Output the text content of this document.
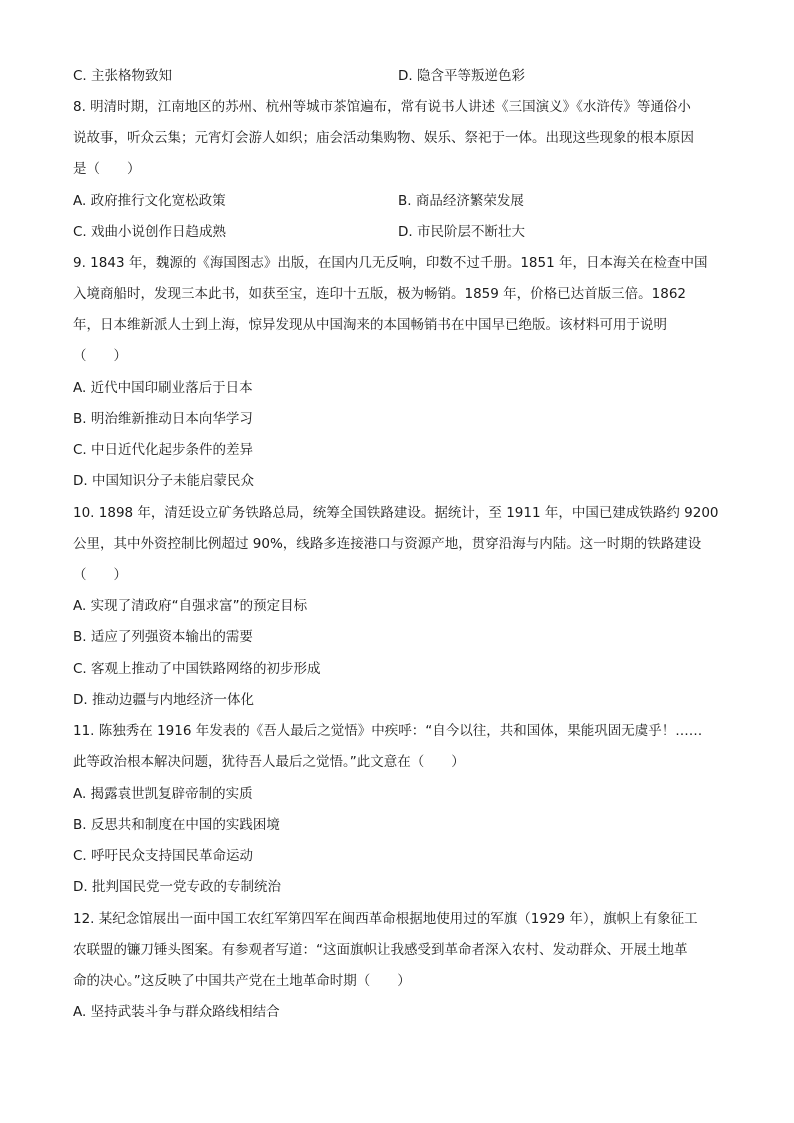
C. 主张格物致知	D. 隐含平等叛逆色彩
8. 明清时期，江南地区的苏州、杭州等城市茶馆遍布，常有说书人讲述《三国演义》《水浒传》等通俗小
说故事，听众云集；元宵灯会游人如织；庙会活动集购物、娱乐、祭祀于一体。出现这些现象的根本原因
是（　　）
A. 政府推行文化宽松政策	B. 商品经济繁荣发展
C. 戏曲小说创作日趋成熟	D. 市民阶层不断壮大
9. 1843 年，魏源的《海国图志》出版，在国内几无反响，印数不过千册。1851 年，日本海关在检查中国
入境商船时，发现三本此书，如获至宝，连印十五版，极为畅销。1859 年，价格已达首版三倍。1862
年，日本维新派人士到上海，惊异发现从中国淘来的本国畅销书在中国早已绝版。该材料可用于说明
（　　）
A. 近代中国印刷业落后于日本
B. 明治维新推动日本向华学习
C. 中日近代化起步条件的差异
D. 中国知识分子未能启蒙民众
10. 1898 年，清廷设立矿务铁路总局，统筹全国铁路建设。据统计，至 1911 年，中国已建成铁路约 9200
公里，其中外资控制比例超过 90%，线路多连接港口与资源产地，贯穿沿海与内陆。这一时期的铁路建设
（　　）
A. 实现了清政府“自强求富”的预定目标
B. 适应了列强资本输出的需要
C. 客观上推动了中国铁路网络的初步形成
D. 推动边疆与内地经济一体化
11. 陈独秀在 1916 年发表的《吾人最后之觉悟》中疾呼：“自今以往，共和国体，果能巩固无虞乎！……
此等政治根本解决问题，犹待吾人最后之觉悟。”此文意在（　　）
A. 揭露袁世凯复辟帝制的实质
B. 反思共和制度在中国的实践困境
C. 呼吁民众支持国民革命运动
D. 批判国民党一党专政的专制统治
12. 某纪念馆展出一面中国工农红军第四军在闽西革命根据地使用过的军旗（1929 年），旗帜上有象征工
农联盟的镰刀锤头图案。有参观者写道：“这面旗帜让我感受到革命者深入农村、发动群众、开展土地革
命的决心。”这反映了中国共产党在土地革命时期（　　）
A. 坚持武装斗争与群众路线相结合
